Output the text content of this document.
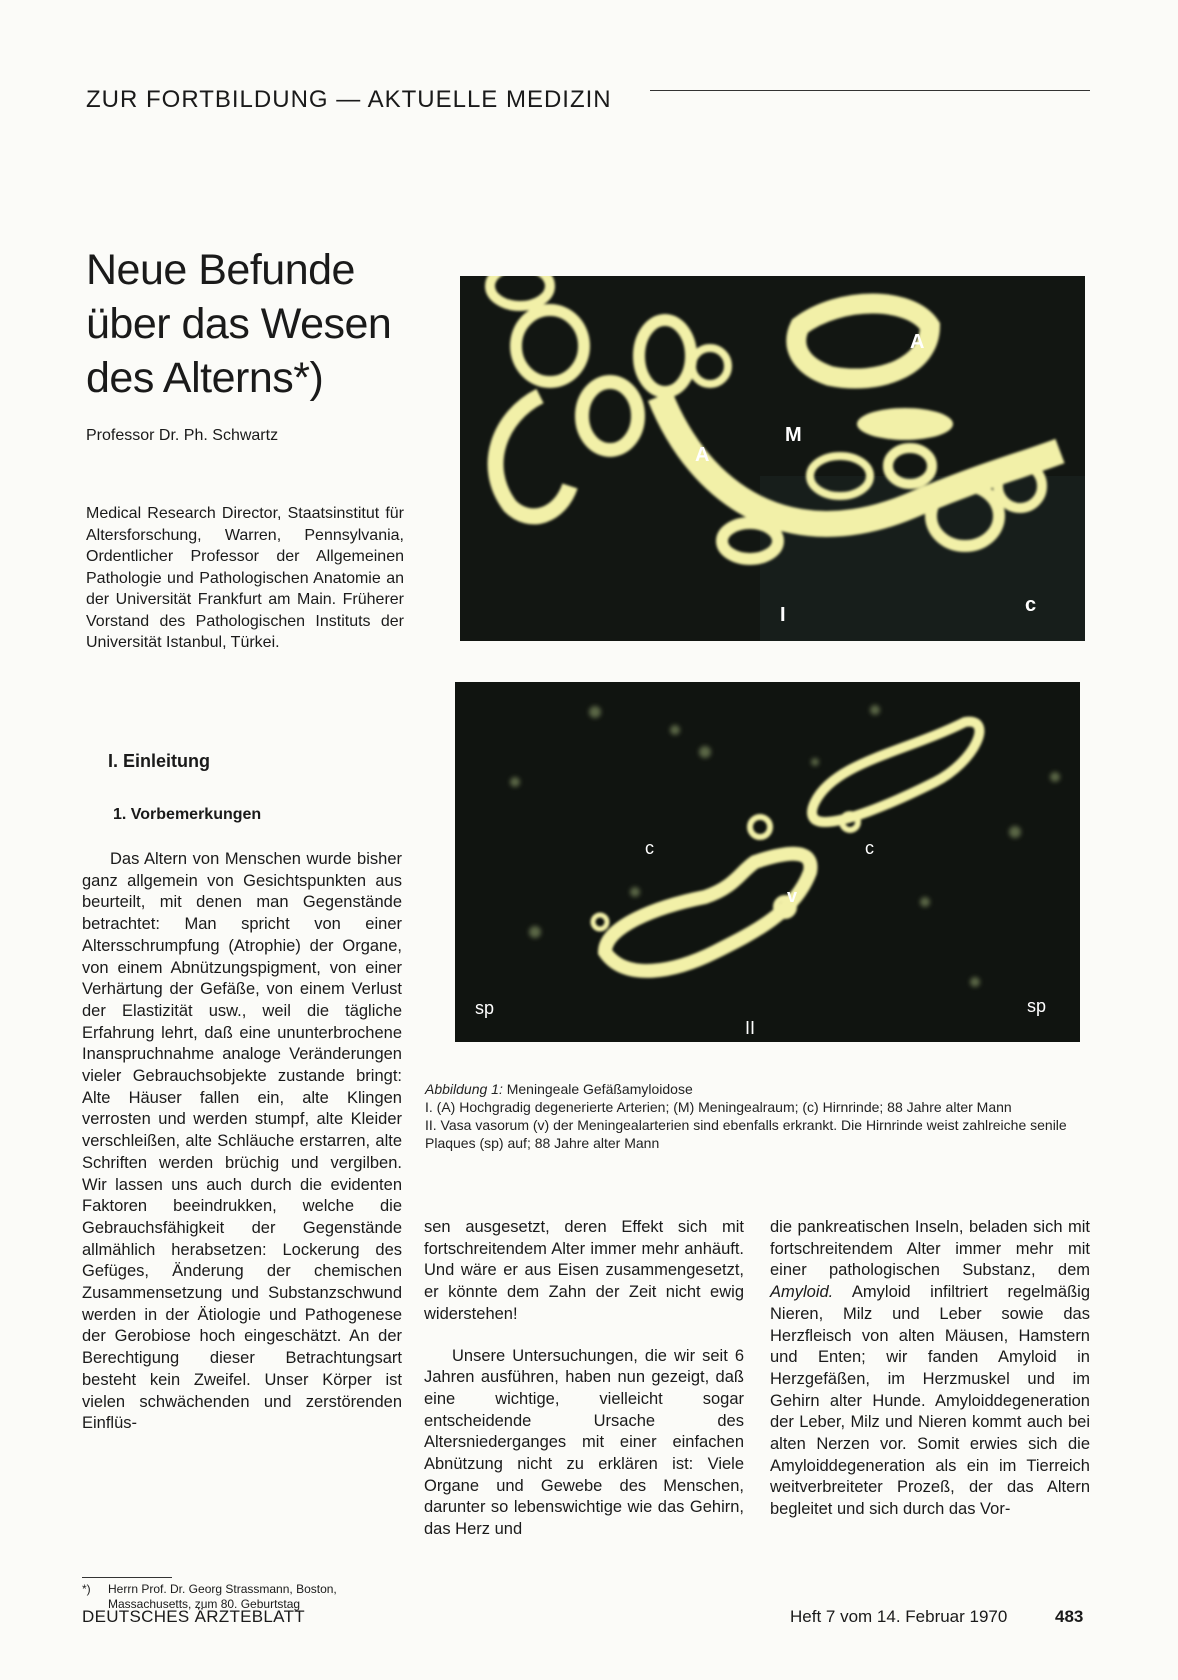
ZUR FORTBILDUNG — AKTUELLE MEDIZIN
Neue Befunde
über das Wesen
des Alterns*)
Professor Dr. Ph. Schwartz
Medical Research Director, Staatsinstitut für Altersforschung, Warren, Pennsylvania, Ordentlicher Professor der Allgemeinen Pathologie und Pathologischen Anatomie an der Universität Frankfurt am Main. Früherer Vorstand des Pathologischen Instituts der Universität Istanbul, Türkei.
I. Einleitung
1. Vorbemerkungen

Das Altern von Menschen wurde bisher ganz allgemein von Gesichtspunkten aus beurteilt, mit denen man Gegenstände betrachtet: Man spricht von einer Altersschrumpfung (Atrophie) der Organe, von einem Abnützungspigment, von einer Verhärtung der Gefäße, von einem Verlust der Elastizität usw., weil die tägliche Erfahrung lehrt, daß eine ununterbrochene Inanspruchnahme analoge Veränderungen vieler Gebrauchsobjekte zustande bringt: Alte Häuser fallen ein, alte Klingen verrosten und werden stumpf, alte Kleider verschleißen, alte Schläuche erstarren, alte Schriften werden brüchig und vergilben. Wir lassen uns auch durch die evidenten Faktoren beeindrukken, welche die Gebrauchsfähigkeit der Gegenstände allmählich herabsetzen: Lockerung des Gefüges, Änderung der chemischen Zusammensetzung und Substanzschwund werden in der Ätiologie und Pathogenese der Gerobiose hoch eingeschätzt. An der Berechtigung dieser Betrachtungsart besteht kein Zweifel. Unser Körper ist vielen schwächenden und zerstörenden Einflüs-

sen ausgesetzt, deren Effekt sich mit fortschreitendem Alter immer mehr anhäuft. Und wäre er aus Eisen zusammengesetzt, er könnte dem Zahn der Zeit nicht ewig widerstehen!

Unsere Untersuchungen, die wir seit 6 Jahren ausführen, haben nun gezeigt, daß eine wichtige, vielleicht sogar entscheidende Ursache des Altersniederganges mit einer einfachen Abnützung nicht zu erklären ist: Viele Organe und Gewebe des Menschen, darunter so lebenswichtige wie das Gehirn, das Herz und

die pankreatischen Inseln, beladen sich mit fortschreitendem Alter immer mehr mit einer pathologischen Substanz, dem Amyloid. Amyloid infiltriert regelmäßig Nieren, Milz und Leber sowie das Herzfleisch von alten Mäusen, Hamstern und Enten; wir fanden Amyloid in Herzgefäßen, im Herzmuskel und im Gehirn alter Hunde. Amyloiddegeneration der Leber, Milz und Nieren kommt auch bei alten Nerzen vor. Somit erwies sich die Amyloiddegeneration als ein im Tierreich weitverbreiteter Prozeß, der das Altern begleitet und sich durch das Vor-

*)	Herrn Prof. Dr. Georg Strassmann, Boston, Massachusetts, zum 80. Geburtstag
A
A
M
I	c
c	c
v
sp	sp
II
Abbildung 1: Meningeale Gefäßamyloidose
I. (A) Hochgradig degenerierte Arterien; (M) Meningealraum; (c) Hirnrinde; 88 Jahre alter Mann
II. Vasa vasorum (v) der Meningealarterien sind ebenfalls erkrankt. Die Hirnrinde weist zahlreiche senile Plaques (sp) auf; 88 Jahre alter Mann
DEUTSCHES ÄRZTEBLATT	Heft 7 vom 14. Februar 1970	483
